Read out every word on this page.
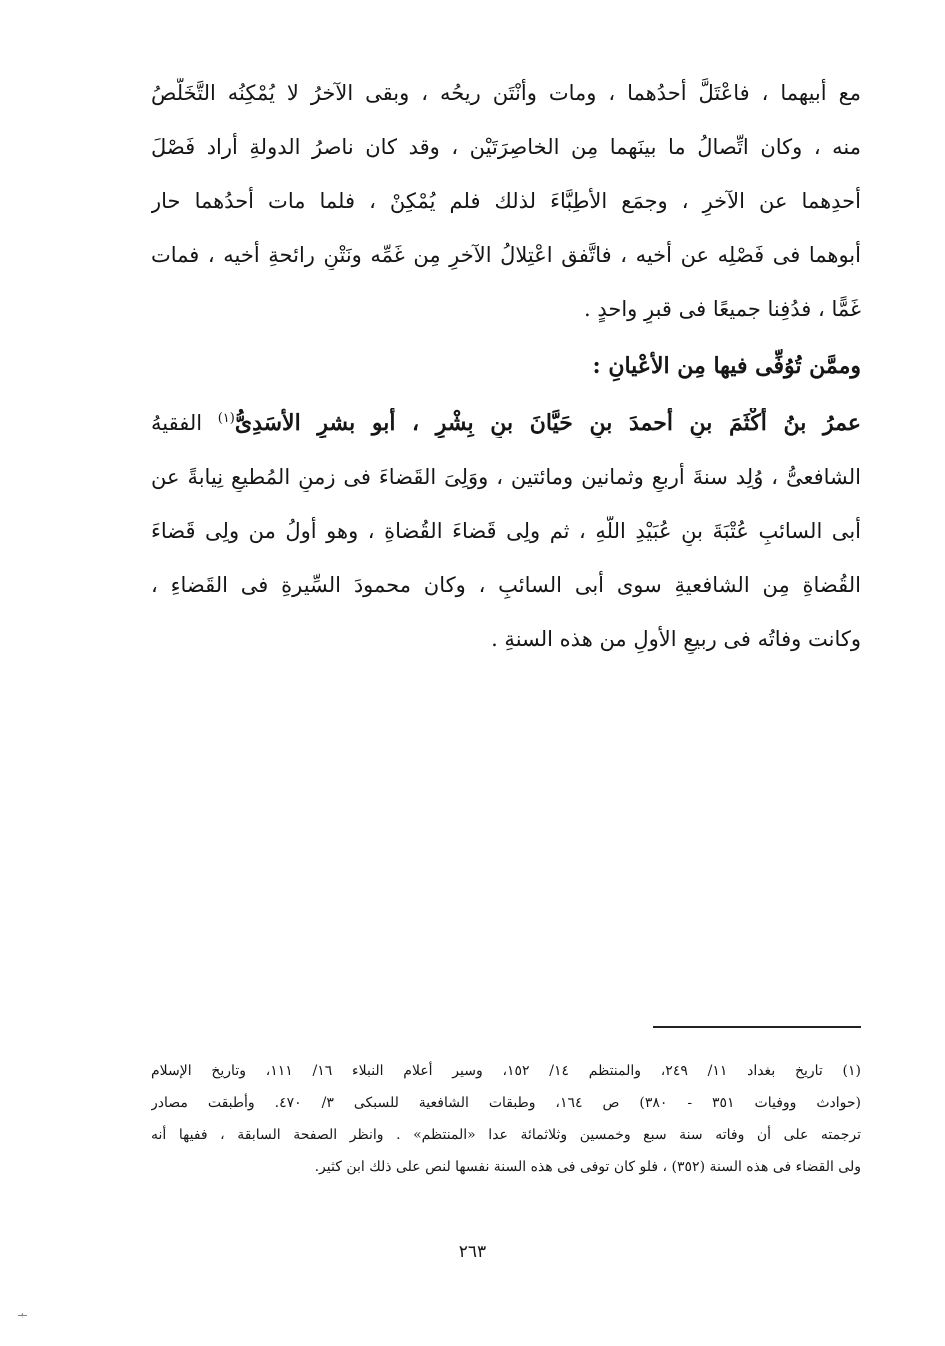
مع أبيهما ، فاعْتَلَّ أحدُهما ، ومات وأنْتَن ريحُه ، وبقى الآخرُ لا يُمْكِنُه التَّخَلُّصُ
منه ، وكان اتِّصالُ ما بينَهما مِن الخاصِرَتَيْن ، وقد كان ناصرُ الدولةِ أراد فَصْلَ
أحدِهما عن الآخرِ ، وجمَع الأطِبَّاءَ لذلك فلم يُمْكِنْ ، فلما مات أحدُهما حار
أبوهما فى فَصْلِه عن أخيه ، فاتَّفق اعْتِلالُ الآخرِ مِن غَمِّه ونَتْنِ رائحةِ أخيه ، فمات
غَمًّا ، فدُفِنا جميعًا فى قبرٍ واحدٍ .
وممَّن تُوُفِّى فيها مِن الأعْيانِ :
عمرُ بنُ أكْثَمَ بنِ أحمدَ بنِ حَيَّانَ بنِ بِشْرٍ ، أبو بشرٍ الأسَدِىُّ$^{(١)}$ الفقيهُ
الشافعىُّ ، وُلِد سنةَ أربعٍ وثمانين ومائتين ، ووَلِىَ القَضاءَ فى زمنِ المُطيعِ نِيابةً عن
أبى السائبِ عُتْبَةَ بنِ عُبَيْدِ اللَّهِ ، ثم ولِى قَضاءَ القُضاةِ ، وهو أولُ من ولِى قَضاءَ
القُضاةِ مِن الشافعيةِ سوى أبى السائبِ ، وكان محمودَ السِّيرةِ فى القَضاءِ ،
وكانت وفاتُه فى ربيعٍ الأولِ من هذه السنةِ .
(١) تاريخ بغداد ١١/ ٢٤٩، والمنتظم ١٤/ ١٥٢، وسير أعلام النبلاء ١٦/ ١١١، وتاريخ الإسلام
(حوادث ووفيات ٣٥١ - ٣٨٠) ص ١٦٤، وطبقات الشافعية للسبكى ٣/ ٤٧٠. وأطبقت مصادر
ترجمته على أن وفاته سنة سبع وخمسين وثلاثمائة عدا «المنتظم» . وانظر الصفحة السابقة ، ففيها أنه
ولى القضاء فى هذه السنة (٣٥٢) ، فلو كان توفى فى هذه السنة نفسها لنص على ذلك ابن كثير.
٢٦٣
ـبـ
